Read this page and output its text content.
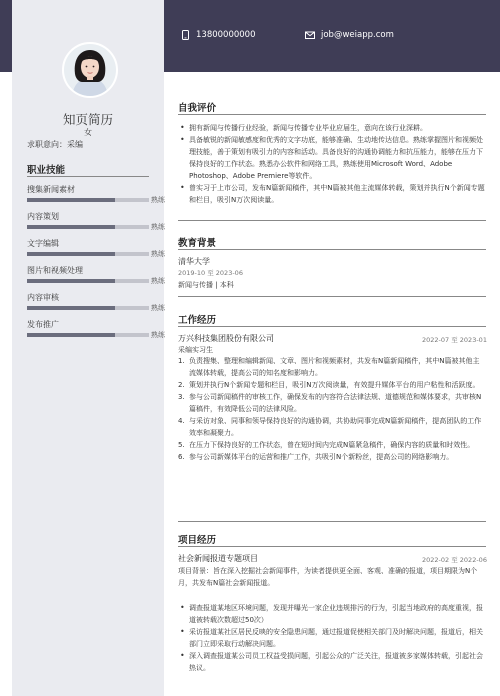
13800000000	job@weiapp.com
知页简历
女
求职意向：采编
职业技能
搜集新闻素材
熟练
内容策划
熟练
文字编辑
熟练
图片和视频处理
熟练
内容审核
熟练
发布推广
熟练
自我评价
• 拥有新闻与传播行业经验，新闻与传播专业毕业应届生，意向在该行业深耕。
• 具备敏锐的新闻敏感度和优秀的文字功底，能够准确、生动地传达信息。熟练掌握图片和视频处理技能，善于策划有吸引力的内容和活动。具备良好的沟通协调能力和抗压能力，能够在压力下保持良好的工作状态。熟悉办公软件和网络工具，熟练使用Microsoft Word、Adobe Photoshop、Adobe Premiere等软件。
• 曾实习于上市公司，发布N篇新闻稿件，其中N篇被其他主流媒体转载，策划并执行N个新闻专题和栏目，吸引N万次阅读量。
教育背景
清华大学
2019-10 至 2023-06
新闻与传播 | 本科
工作经历
万兴科技集团股份有限公司	2022-07 至 2023-01
采编实习生
1. 负责搜集、整理和编辑新闻、文章、图片和视频素材，共发布N篇新闻稿件，其中N篇被其他主流媒体转载，提高公司的知名度和影响力。
2. 策划并执行N个新闻专题和栏目，吸引N万次阅读量，有效提升媒体平台的用户粘性和活跃度。
3. 参与公司新闻稿件的审核工作，确保发布的内容符合法律法规、道德规范和媒体要求，共审核N篇稿件，有效降低公司的法律风险。
4. 与采访对象、同事和领导保持良好的沟通协调，共协助同事完成N篇新闻稿件，提高团队的工作效率和凝聚力。
5. 在压力下保持良好的工作状态，曾在短时间内完成N篇紧急稿件，确保内容的质量和时效性。
6. 参与公司新媒体平台的运营和推广工作，共吸引N个新粉丝，提高公司的网络影响力。
项目经历
社会新闻报道专题项目	2022-02 至 2022-06
项目背景：旨在深入挖掘社会新闻事件，为读者提供更全面、客观、准确的报道，项目期限为N个月，共发布N篇社会新闻报道。
• 调查报道某地区环境问题，发现并曝光一家企业违规排污的行为，引起当地政府的高度重视，报道被转载次数超过50次）
• 采访报道某社区居民反映的安全隐患问题，通过报道促使相关部门及时解决问题，报道后，相关部门立即采取行动解决问题。
• 深入调查报道某公司员工权益受损问题，引起公众的广泛关注，报道被多家媒体转载，引起社会热议。
